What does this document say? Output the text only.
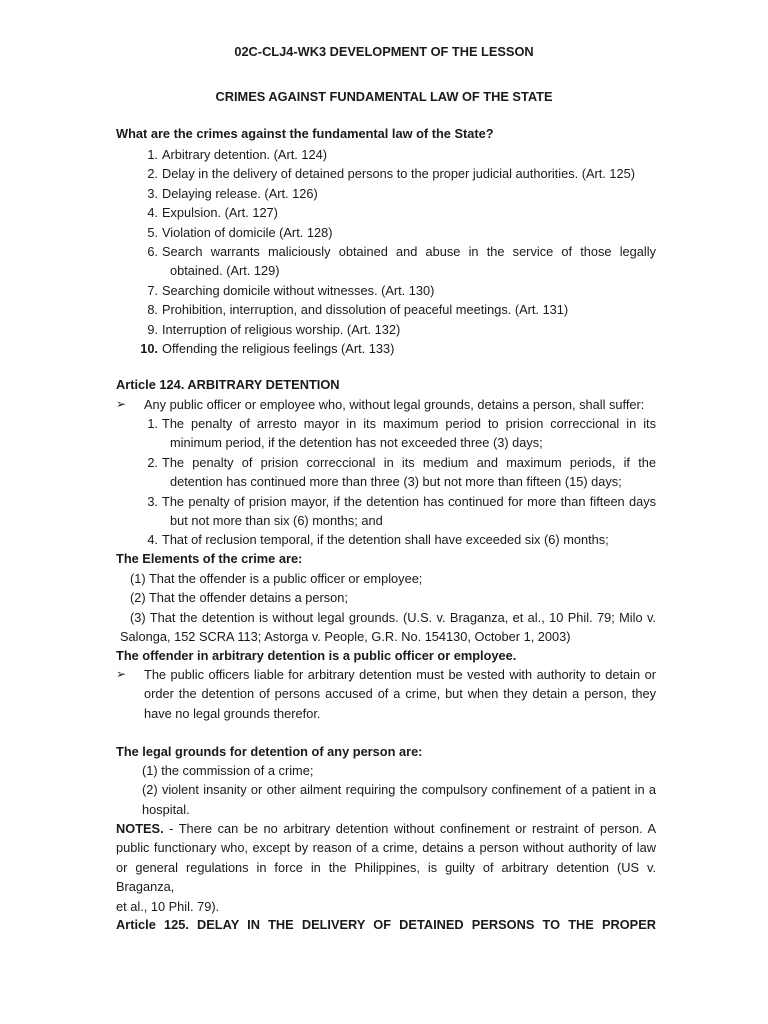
02C-CLJ4-WK3 DEVELOPMENT OF THE LESSON
CRIMES AGAINST FUNDAMENTAL LAW OF THE STATE
What are the crimes against the fundamental law of the State?
1. Arbitrary detention. (Art. 124)
2. Delay in the delivery of detained persons to the proper judicial authorities. (Art. 125)
3. Delaying release. (Art. 126)
4. Expulsion. (Art. 127)
5. Violation of domicile (Art. 128)
6. Search warrants maliciously obtained and abuse in the service of those legally
obtained. (Art. 129)
7. Searching domicile without witnesses. (Art. 130)
8. Prohibition, interruption, and dissolution of peaceful meetings. (Art. 131)
9. Interruption of religious worship. (Art. 132)
10. Offending the religious feelings (Art. 133)
Article 124. ARBITRARY DETENTION
➢	Any public officer or employee who, without legal grounds, detains a person, shall suffer:
1. The penalty of arresto mayor in its maximum period to prision correccional in its
minimum period, if the detention has not exceeded three (3) days;
2. The penalty of prision correccional in its medium and maximum periods, if the
detention has continued more than three (3) but not more than fifteen (15) days;
3. The penalty of prision mayor, if the detention has continued for more than fifteen days
but not more than six (6) months; and
4. That of reclusion temporal, if the detention shall have exceeded six (6) months;
The Elements of the crime are:
(1) That the offender is a public officer or employee;
(2) That the offender detains a person;
(3) That the detention is without legal grounds. (U.S. v. Braganza, et al., 10 Phil. 79; Milo v.
Salonga, 152 SCRA 113; Astorga v. People, G.R. No. 154130, October 1, 2003)
The offender in arbitrary detention is a public officer or employee.
➢	The public officers liable for arbitrary detention must be vested with authority to detain or
order the detention of persons accused of a crime, but when they detain a person, they
have no legal grounds therefor.
The legal grounds for detention of any person are:
(1) the commission of a crime;
(2) violent insanity or other ailment requiring the compulsory confinement of a patient in a
hospital.
NOTES. - There can be no arbitrary detention without confinement or restraint of person. A
public functionary who, except by reason of a crime, detains a person without authority of law
or general regulations in force in the Philippines, is guilty of arbitrary detention (US v. Braganza,
et al., 10 Phil. 79).
Article 125. DELAY IN THE DELIVERY OF DETAINED PERSONS TO THE PROPER
